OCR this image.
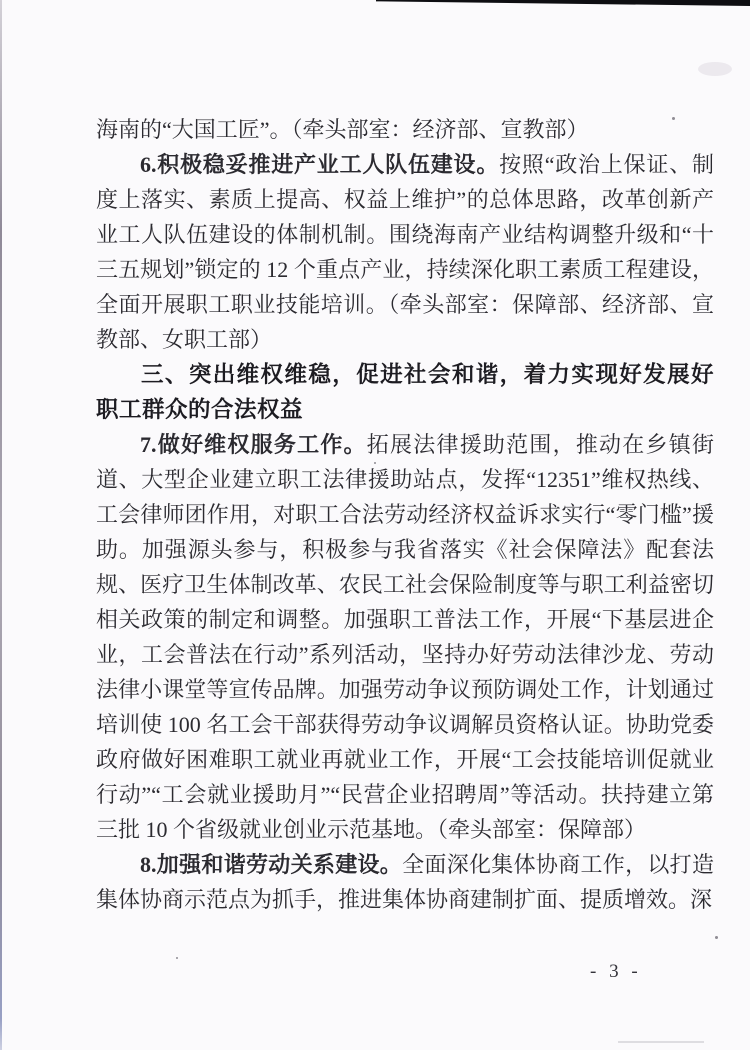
海南的“大国工匠”。（牵头部室：经济部、宣教部）

6.积极稳妥推进产业工人队伍建设。按照“政治上保证、制度上落实、素质上提高、权益上维护”的总体思路，改革创新产业工人队伍建设的体制机制。围绕海南产业结构调整升级和“十三五规划”锁定的 12 个重点产业，持续深化职工素质工程建设，全面开展职工职业技能培训。（牵头部室：保障部、经济部、宣教部、女职工部）

三、突出维权维稳，促进社会和谐，着力实现好发展好职工群众的合法权益

7.做好维权服务工作。拓展法律援助范围，推动在乡镇街道、大型企业建立职工法律援助站点，发挥“12351”维权热线、工会律师团作用，对职工合法劳动经济权益诉求实行“零门槛”援助。加强源头参与，积极参与我省落实《社会保障法》配套法规、医疗卫生体制改革、农民工社会保险制度等与职工利益密切相关政策的制定和调整。加强职工普法工作，开展“下基层进企业，工会普法在行动”系列活动，坚持办好劳动法律沙龙、劳动法律小课堂等宣传品牌。加强劳动争议预防调处工作，计划通过培训使 100 名工会干部获得劳动争议调解员资格认证。协助党委政府做好困难职工就业再就业工作，开展“工会技能培训促就业行动”“工会就业援助月”“民营企业招聘周”等活动。扶持建立第三批 10 个省级就业创业示范基地。（牵头部室：保障部）

8.加强和谐劳动关系建设。全面深化集体协商工作，以打造集体协商示范点为抓手，推进集体协商建制扩面、提质增效。深

- 3 -
